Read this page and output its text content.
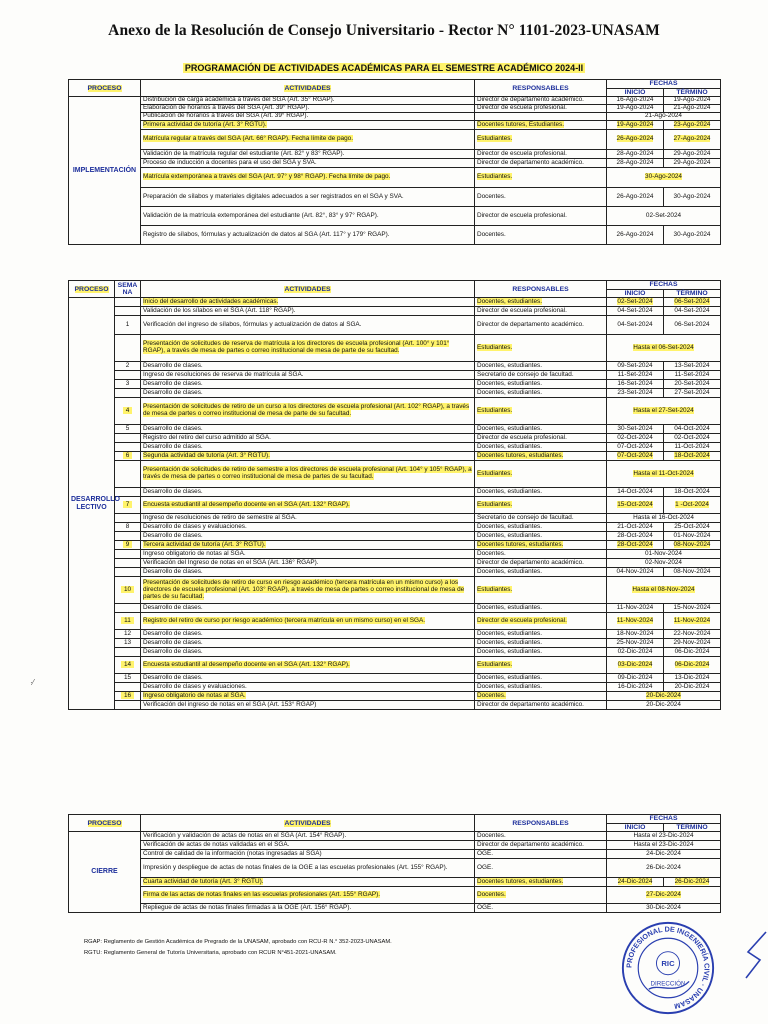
Anexo de la Resolución de Consejo Universitario - Rector N° 1101-2023-UNASAM
PROGRAMACIÓN DE ACTIVIDADES ACADÉMICAS PARA EL SEMESTRE ACADÉMICO 2024-II
PROCESO	ACTIVIDADES	RESPONSABLES	FECHAS	
			INICIO	TÉRMINO
IMPLEMENTACIÓN	Distribución de carga académica a través del SGA (Art. 35° RGAP).	Director de departamento académico.	16-Ago-2024	19-Ago-2024
	Elaboración de horarios a través del SGA (Art. 39° RGAP).	Director de escuela profesional.	19-Ago-2024	21-Ago-2024
	Publicación de horarios a través del SGA (Art. 39° RGAP).		21-Ago-2024	
	Primera actividad de tutoría (Art. 3° RGTU).	Docentes tutores, Estudiantes.	19-Ago-2024	23-Ago-2024
	Matrícula regular a través del SGA (Art. 66° RGAP). Fecha límite de pago.	Estudiantes.	26-Ago-2024	27-Ago-2024
	Validación de la matrícula regular del estudiante (Art. 82° y 83° RGAP).	Director de escuela profesional.	28-Ago-2024	29-Ago-2024
	Proceso de inducción a docentes para el uso del SGA y SVA.	Director de departamento académico.	28-Ago-2024	29-Ago-2024
	Matrícula extemporánea a través del SGA (Art. 97° y 98° RGAP). Fecha límite de pago.	Estudiantes.	30-Ago-2024	
	Preparación de sílabos y materiales digitales adecuados a ser registrados en el SGA y SVA.	Docentes.	26-Ago-2024	30-Ago-2024
	Validación de la matrícula extemporánea del estudiante (Art. 82°, 83° y 97° RGAP).	Director de escuela profesional.	02-Set-2024	
	Registro de sílabos, fórmulas y actualización de datos al SGA (Art. 117° y 179° RGAP).	Docentes.	26-Ago-2024	30-Ago-2024
PROCESO	SEMA NA	ACTIVIDADES	RESPONSABLES	FECHAS	
				INICIO	TÉRMINO
DESARROLLO LECTIVO		Inicio del desarrollo de actividades académicas.	Docentes, estudiantes.	02-Set-2024	06-Set-2024
		Validación de los sílabos en el SGA (Art. 118° RGAP).	Director de escuela profesional.	04-Set-2024	04-Set-2024
	1	Verificación del ingreso de sílabos, fórmulas y actualización de datos al SGA.	Director de departamento académico.	04-Set-2024	06-Set-2024
		Presentación de solicitudes de reserva de matrícula a los directores de escuela profesional (Art. 100° y 101° RGAP), a través de mesa de partes o correo institucional de mesa de parte de su facultad.	Estudiantes.	Hasta el 06-Set-2024	
	2	Desarrollo de clases.	Docentes, estudiantes.	09-Set-2024	13-Set-2024
		Ingreso de resoluciones de reserva de matrícula al SGA.	Secretario de consejo de facultad.	11-Set-2024	11-Set-2024
	3	Desarrollo de clases.	Docentes, estudiantes.	16-Set-2024	20-Set-2024
		Desarrollo de clases.	Docentes, estudiantes.	23-Set-2024	27-Set-2024
	4	Presentación de solicitudes de retiro de un curso a los directores de escuela profesional (Art. 102° RGAP), a través de mesa de partes o correo institucional de mesa de parte de su facultad.	Estudiantes.	Hasta el 27-Set-2024	
	5	Desarrollo de clases.	Docentes, estudiantes.	30-Set-2024	04-Oct-2024
		Registro del retiro del curso admitido al SGA.	Director de escuela profesional.	02-Oct-2024	02-Oct-2024
		Desarrollo de clases.	Docentes, estudiantes.	07-Oct-2024	11-Oct-2024
	6	Segunda actividad de tutoría (Art. 3° RGTU).	Docentes tutores, estudiantes.	07-Oct-2024	18-Oct-2024
		Presentación de solicitudes de retiro de semestre a los directores de escuela profesional (Art. 104° y 105° RGAP), a través de mesa de partes o correo institucional de mesa de partes de su facultad.	Estudiantes.	Hasta el 11-Oct-2024	
		Desarrollo de clases.	Docentes, estudiantes.	14-Oct-2024	18-Oct-2024
	7	Encuesta estudiantil al desempeño docente en el SGA (Art. 132° RGAP).	Estudiantes.	15-Oct-2024	1 -Oct-2024
		Ingreso de resoluciones de retiro de semestre al SGA.	Secretario de consejo de facultad.	Hasta el 16-Oct-2024	
	8	Desarrollo de clases y evaluaciones.	Docentes, estudiantes.	21-Oct-2024	25-Oct-2024
		Desarrollo de clases.	Docentes, estudiantes.	28-Oct-2024	01-Nov-2024
	9	Tercera actividad de tutoría (Art. 3° RGTU).	Docentes tutores, estudiantes.	28-Oct-2024	08-Nov-2024
		Ingreso obligatorio de notas al SGA.	Docentes.	01-Nov-2024	
		Verificación del Ingreso de notas en el SGA (Art. 136° RGAP).	Director de departamento académico.	02-Nov-2024	
		Desarrollo de clases.	Docentes, estudiantes.	04-Nov-2024	08-Nov-2024
	10	Presentación de solicitudes de retiro de curso en riesgo académico (tercera matrícula en un mismo curso) a los directores de escuela profesional (Art. 103° RGAP), a través de mesa de partes o correo institucional de mesa de partes de su facultad.	Estudiantes.	Hasta el 08-Nov-2024	
		Desarrollo de clases.	Docentes, estudiantes.	11-Nov-2024	15-Nov-2024
	11	Registro del retiro de curso por riesgo académico (tercera matrícula en un mismo curso) en el SGA.	Director de escuela profesional.	11-Nov-2024	11-Nov-2024
	12	Desarrollo de clases.	Docentes, estudiantes.	18-Nov-2024	22-Nov-2024
	13	Desarrollo de clases.	Docentes, estudiantes.	25-Nov-2024	29-Nov-2024
		Desarrollo de clases.	Docentes, estudiantes.	02-Dic-2024	06-Dic-2024
	14	Encuesta estudiantil al desempeño docente en el SGA (Art. 132° RGAP).	Estudiantes.	03-Dic-2024	06-Dic-2024
	15	Desarrollo de clases.	Docentes, estudiantes.	09-Dic-2024	13-Dic-2024
		Desarrollo de clases y evaluaciones.	Docentes, estudiantes.	16-Dic-2024	20-Dic-2024
	16	Ingreso obligatorio de notas al SGA.	Docentes.	20-Dic-2024	
		Verificación del ingreso de notas en el SGA (Art. 153° RGAP)	Director de departamento académico.	20-Dic-2024	
PROCESO	ACTIVIDADES	RESPONSABLES	FECHAS	
			INICIO	TÉRMINO
CIERRE	Verificación y validación de actas de notas en el SGA (Art. 154° RGAP).	Docentes.	Hasta el 23-Dic-2024	
	Verificación de actas de notas validadas en el SGA.	Director de departamento académico.	Hasta el 23-Dic-2024	
	Control de calidad de la información (notas ingresadas al SGA)	OGE.	24-Dic-2024	
	Impresión y despliegue de actas de notas finales de la OGE a las escuelas profesionales (Art. 155° RGAP).	OGE.	26-Dic-2024	
	Cuarta actividad de tutoría (Art. 3° RGTU).	Docentes tutores, estudiantes.	24-Dic-2024	26-Dic-2024
	Firma de las actas de notas finales en las escuelas profesionales (Art. 155° RGAP).	Docentes.	27-Dic-2024	
	Repliegue de actas de notas finales firmadas a la OGE (Art. 156° RGAP).	OGE.	30-Dic-2024	
RGAP: Reglamento de Gestión Académica de Pregrado de la UNASAM, aprobado con RCU-R N.° 352-2023-UNASAM.
RGTU: Reglamento General de Tutoría Universitaria, aprobado con RCUR N°451-2021-UNASAM.
·⁄
PROFESIONAL DE INGENIERÍA CIVIL · UNASAM
RIC
DIRECCIÓN
